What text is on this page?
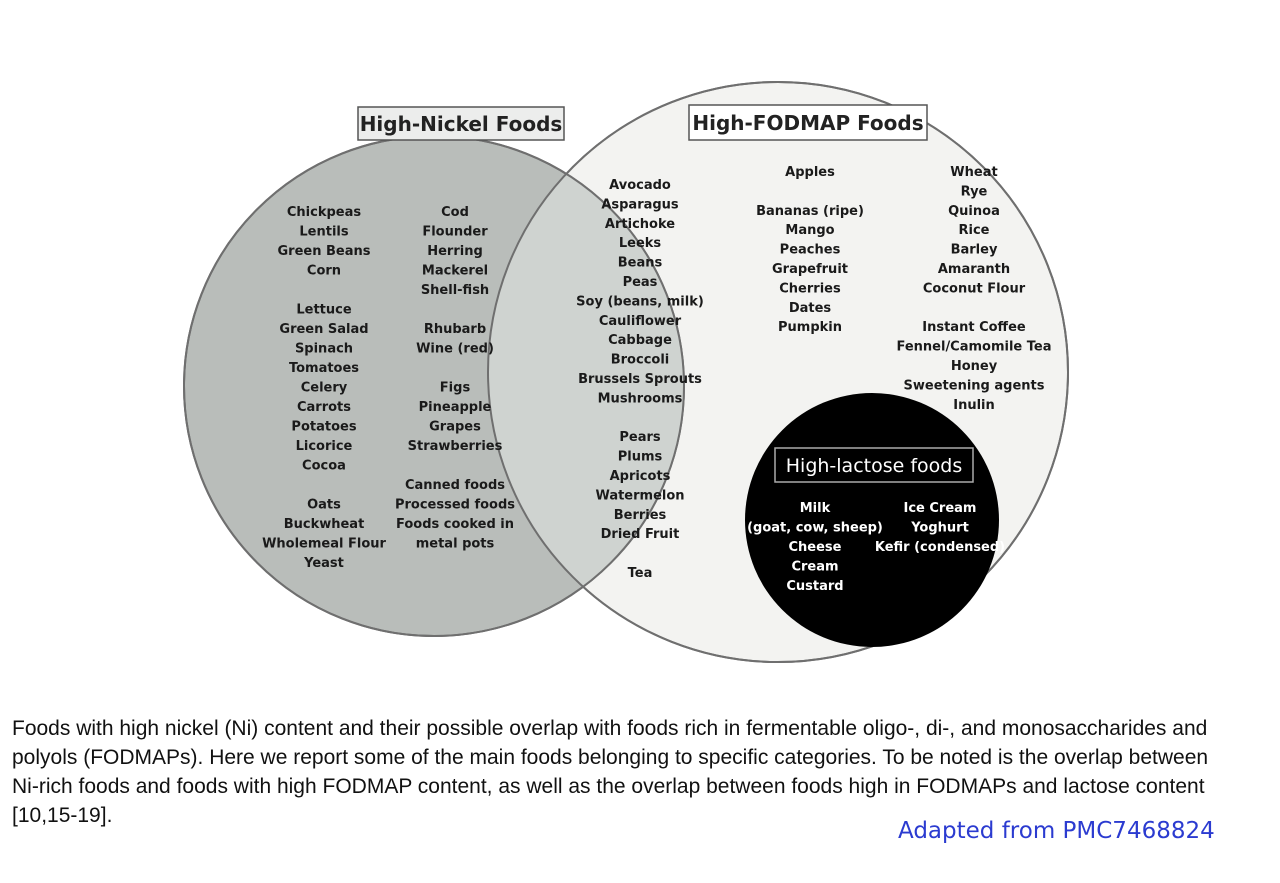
High-Nickel Foods	High-FODMAP Foods
High-lactose foods
Chickpeas
Lentils
Green Beans
Corn
Lettuce
Green Salad
Spinach
Tomatoes
Celery
Carrots
Potatoes
Licorice
Cocoa
Oats
Buckwheat
Wholemeal Flour
Yeast
Cod
Flounder
Herring
Mackerel
Shell-fish
Rhubarb
Wine (red)
Figs
Pineapple
Grapes
Strawberries
Canned foods
Processed foods
Foods cooked in
metal pots
Avocado
Asparagus
Artichoke
Leeks
Beans
Peas
Soy (beans, milk)
Cauliflower
Cabbage
Broccoli
Brussels Sprouts
Mushrooms
Pears
Plums
Apricots
Watermelon
Berries
Dried Fruit
Tea
Apples
Bananas (ripe)
Mango
Peaches
Grapefruit
Cherries
Dates
Pumpkin
Wheat
Rye
Quinoa
Rice
Barley
Amaranth
Coconut Flour
Instant Coffee
Fennel/Camomile Tea
Honey
Sweetening agents
Inulin
Milk
(goat, cow, sheep)
Cheese
Cream
Custard
Ice Cream
Yoghurt
Kefir (condensed)
Foods with high nickel (Ni) content and their possible overlap with foods rich in fermentable oligo-, di-, and monosaccharides and polyols (FODMAPs). Here we report some of the main foods belonging to specific categories. To be noted is the overlap between Ni-rich foods and foods with high FODMAP content, as well as the overlap between foods high in FODMAPs and lactose content [10,15-19].
Adapted from PMC7468824
